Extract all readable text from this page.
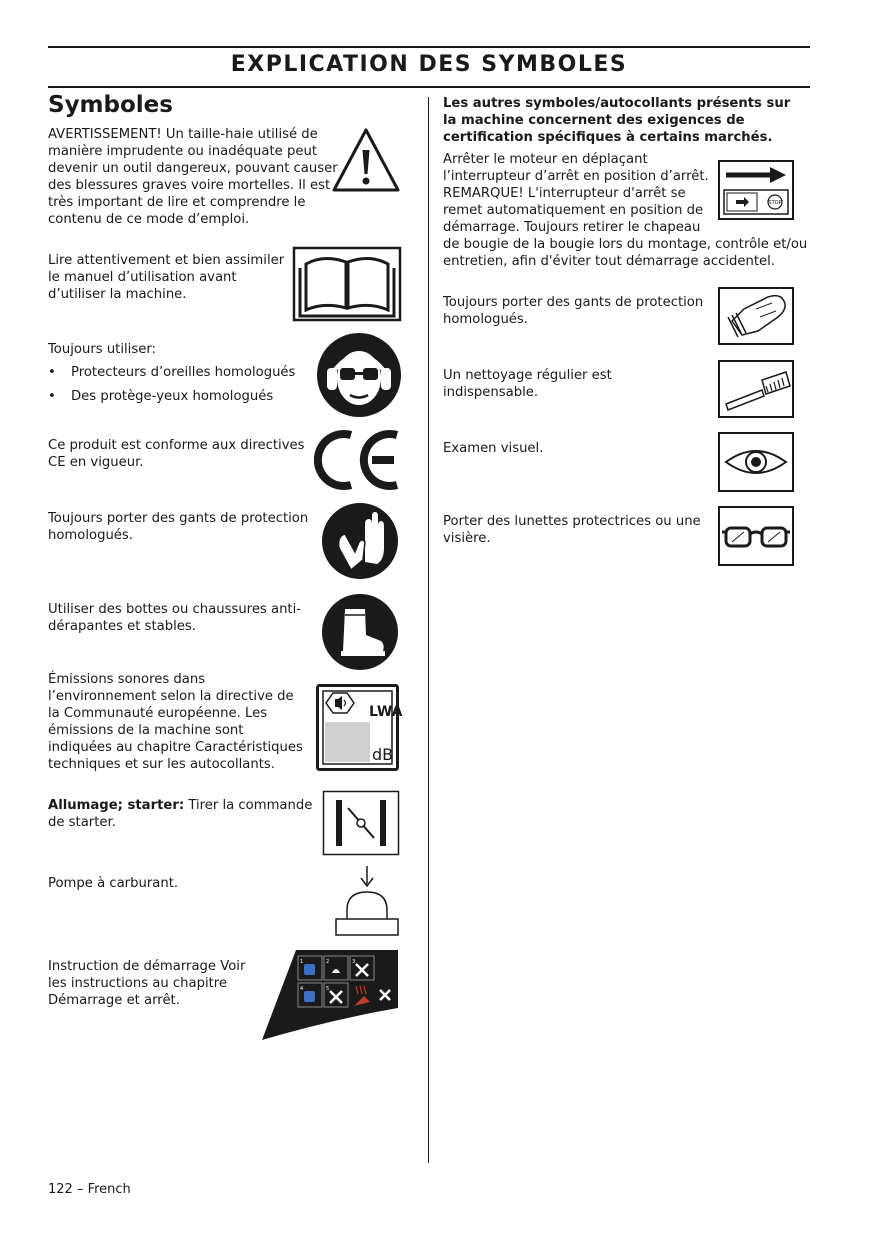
EXPLICATION DES SYMBOLES
Symboles
AVERTISSEMENT! Un taille-haie utilisé de manière imprudente ou inadéquate peut devenir un outil dangereux, pouvant causer des blessures graves voire mortelles. Il est très important de lire et comprendre le contenu de ce mode d’emploi.
Lire attentivement et bien assimiler le manuel d’utilisation avant d’utiliser la machine.
Toujours utiliser:
• Protecteurs d’oreilles homologués
• Des protège-yeux homologués
Ce produit est conforme aux directives CE en vigueur.
Toujours porter des gants de protection homologués.
Utiliser des bottes ou chaussures anti-dérapantes et stables.
Émissions sonores dans l’environnement selon la directive de la Communauté européenne. Les émissions de la machine sont indiquées au chapitre Caractéristiques techniques et sur les autocollants.
LWA
dB
Allumage; starter: Tirer la commande de starter.
Pompe à carburant.
Instruction de démarrage Voir les instructions au chapitre Démarrage et arrêt.
1	2	3
4	5
Les autres symboles/autocollants présents sur la machine concernent des exigences de certification spécifiques à certains marchés.
STOP
Arrêter le moteur en déplaçant l’interrupteur d’arrêt en position d’arrêt. REMARQUE! L'interrupteur d'arrêt se remet automatiquement en position de démarrage. Toujours retirer le chapeau de bougie de la bougie lors du montage, contrôle et/ou entretien, afin d'éviter tout démarrage accidentel.
Toujours porter des gants de protection homologués.
Un nettoyage régulier est indispensable.
Examen visuel.
Porter des lunettes protectrices ou une visière.
122 – French
